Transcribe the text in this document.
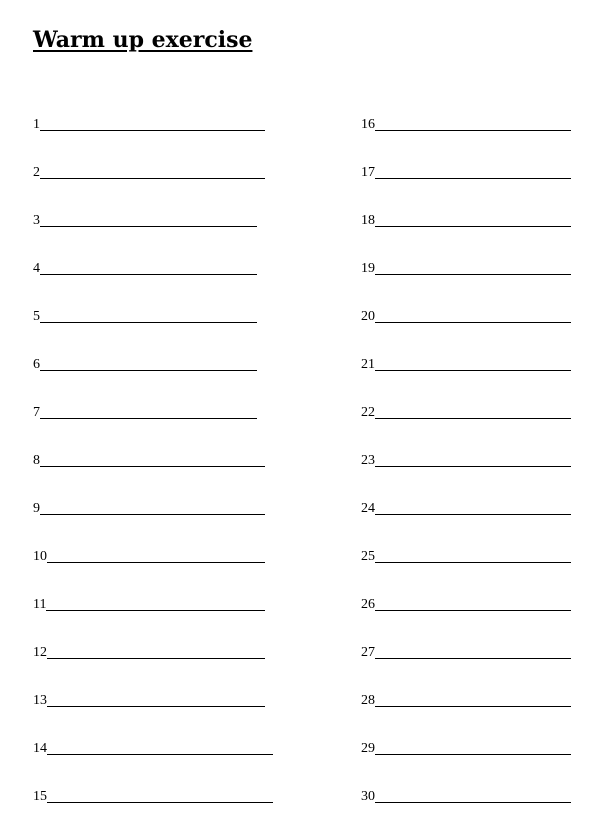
Warm up exercise
1
2
3
4
5
6
7
8
9
10
11
12
13
14
15
16
17
18
19
20
21
22
23
24
25
26
27
28
29
30
